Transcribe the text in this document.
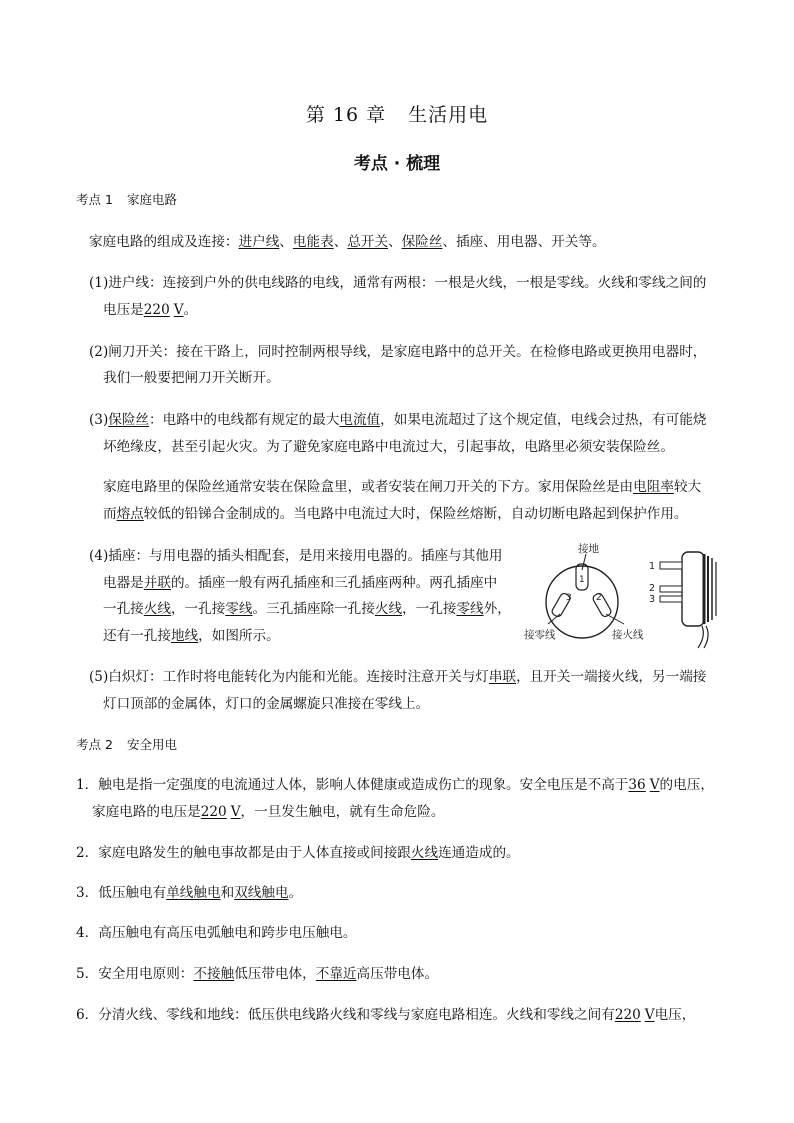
第 16 章 生活用电
考点 · 梳理
考点 1 家庭电路
家庭电路的组成及连接：进户线、电能表、总开关、保险丝、插座、用电器、开关等。
(1)进户线：连接到户外的供电线路的电线，通常有两根：一根是火线，一根是零线。火线和零线之间的
电压是220 V。
(2)闸刀开关：接在干路上，同时控制两根导线，是家庭电路中的总开关。在检修电路或更换用电器时，
我们一般要把闸刀开关断开。
(3)保险丝：电路中的电线都有规定的最大电流值，如果电流超过了这个规定值，电线会过热，有可能烧
坏绝缘皮，甚至引起火灾。为了避免家庭电路中电流过大，引起事故，电路里必须安装保险丝。
家庭电路里的保险丝通常安装在保险盒里，或者安装在闸刀开关的下方。家用保险丝是由电阻率较大
而熔点较低的铅锑合金制成的。当电路中电流过大时，保险丝熔断，自动切断电路起到保护作用。
(4)插座：与用电器的插头相配套，是用来接用电器的。插座与其他用
电器是并联的。插座一般有两孔插座和三孔插座两种。两孔插座中
一孔接火线，一孔接零线。三孔插座除一孔接火线，一孔接零线外，
还有一孔接地线，如图所示。
1
3	2
接地
接零线	接火线
2
3
1
(5)白炽灯：工作时将电能转化为内能和光能。连接时注意开关与灯串联，且开关一端接火线，另一端接
灯口顶部的金属体，灯口的金属螺旋只准接在零线上。
考点 2 安全用电
1．触电是指一定强度的电流通过人体，影响人体健康或造成伤亡的现象。安全电压是不高于36 V的电压，
家庭电路的电压是220 V，一旦发生触电，就有生命危险。
2．家庭电路发生的触电事故都是由于人体直接或间接跟火线连通造成的。
3．低压触电有单线触电和双线触电。
4．高压触电有高压电弧触电和跨步电压触电。
5．安全用电原则：不接触低压带电体，不靠近高压带电体。
6．分清火线、零线和地线：低压供电线路火线和零线与家庭电路相连。火线和零线之间有220 V电压，
